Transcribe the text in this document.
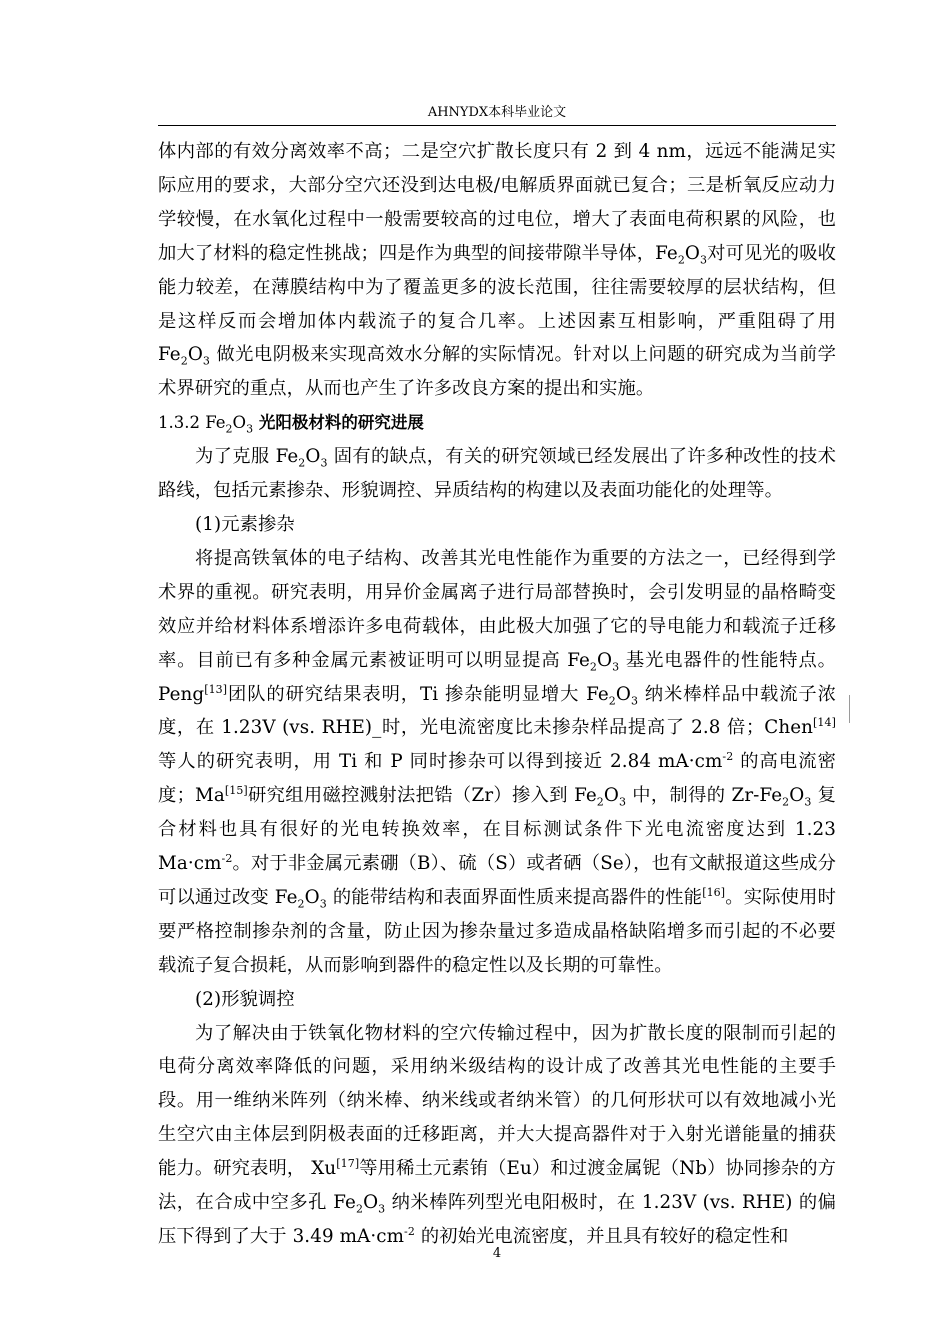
AHNYDX本科毕业论文

体内部的有效分离效率不高；二是空穴扩散长度只有 2 到 4 nm，远远不能满足实际应用的要求，大部分空穴还没到达电极/电解质界面就已复合；三是析氧反应动力学较慢，在水氧化过程中一般需要较高的过电位，增大了表面电荷积累的风险，也加大了材料的稳定性挑战；四是作为典型的间接带隙半导体，$Fe_2O_3$对可见光的吸收能力较差，在薄膜结构中为了覆盖更多的波长范围，往往需要较厚的层状结构，但是这样反而会增加体内载流子的复合几率。上述因素互相影响，严重阻碍了用 $Fe_2O_3$ 做光电阴极来实现高效水分解的实际情况。针对以上问题的研究成为当前学术界研究的重点，从而也产生了许多改良方案的提出和实施。

1.3.2 $Fe_2O_3$ 光阳极材料的研究进展

为了克服 $Fe_2O_3$ 固有的缺点，有关的研究领域已经发展出了许多种改性的技术路线，包括元素掺杂、形貌调控、异质结构的构建以及表面功能化的处理等。

(1)元素掺杂

将提高铁氧体的电子结构、改善其光电性能作为重要的方法之一，已经得到学术界的重视。研究表明，用异价金属离子进行局部替换时，会引发明显的晶格畸变效应并给材料体系增添许多电荷载体，由此极大加强了它的导电能力和载流子迁移率。目前已有多种金属元素被证明可以明显提高 $Fe_2O_3$ 基光电器件的性能特点。Peng[13]团队的研究结果表明，Ti 掺杂能明显增大 $Fe_2O_3$ 纳米棒样品中载流子浓度，在 1.23V (vs. RHE)_时，光电流密度比未掺杂样品提高了 2.8 倍；Chen[14]等人的研究表明，用 Ti 和 P 同时掺杂可以得到接近 2.84 $mA\cdot cm^{-2}$ 的高电流密度；Ma[15]研究组用磁控溅射法把锆（Zr）掺入到 $Fe_2O_3$ 中，制得的 $Zr-Fe_2O_3$ 复合材料也具有很好的光电转换效率，在目标测试条件下光电流密度达到 1.23 $Ma\cdot cm^{-2}$。对于非金属元素硼（B）、硫（S）或者硒（Se），也有文献报道这些成分可以通过改变 $Fe_2O_3$ 的能带结构和表面界面性质来提高器件的性能[16]。实际使用时要严格控制掺杂剂的含量，防止因为掺杂量过多造成晶格缺陷增多而引起的不必要载流子复合损耗，从而影响到器件的稳定性以及长期的可靠性。

(2)形貌调控

为了解决由于铁氧化物材料的空穴传输过程中，因为扩散长度的限制而引起的电荷分离效率降低的问题，采用纳米级结构的设计成了改善其光电性能的主要手段。用一维纳米阵列（纳米棒、纳米线或者纳米管）的几何形状可以有效地减小光生空穴由主体层到阴极表面的迁移距离，并大大提高器件对于入射光谱能量的捕获能力。研究表明， Xu[17]等用稀土元素铕（Eu）和过渡金属铌（Nb）协同掺杂的方法，在合成中空多孔 $Fe_2O_3$ 纳米棒阵列型光电阳极时，在 1.23V (vs. RHE) 的偏压下得到了大于 3.49 $mA\cdot cm^{-2}$ 的初始光电流密度，并且具有较好的稳定性和

4
